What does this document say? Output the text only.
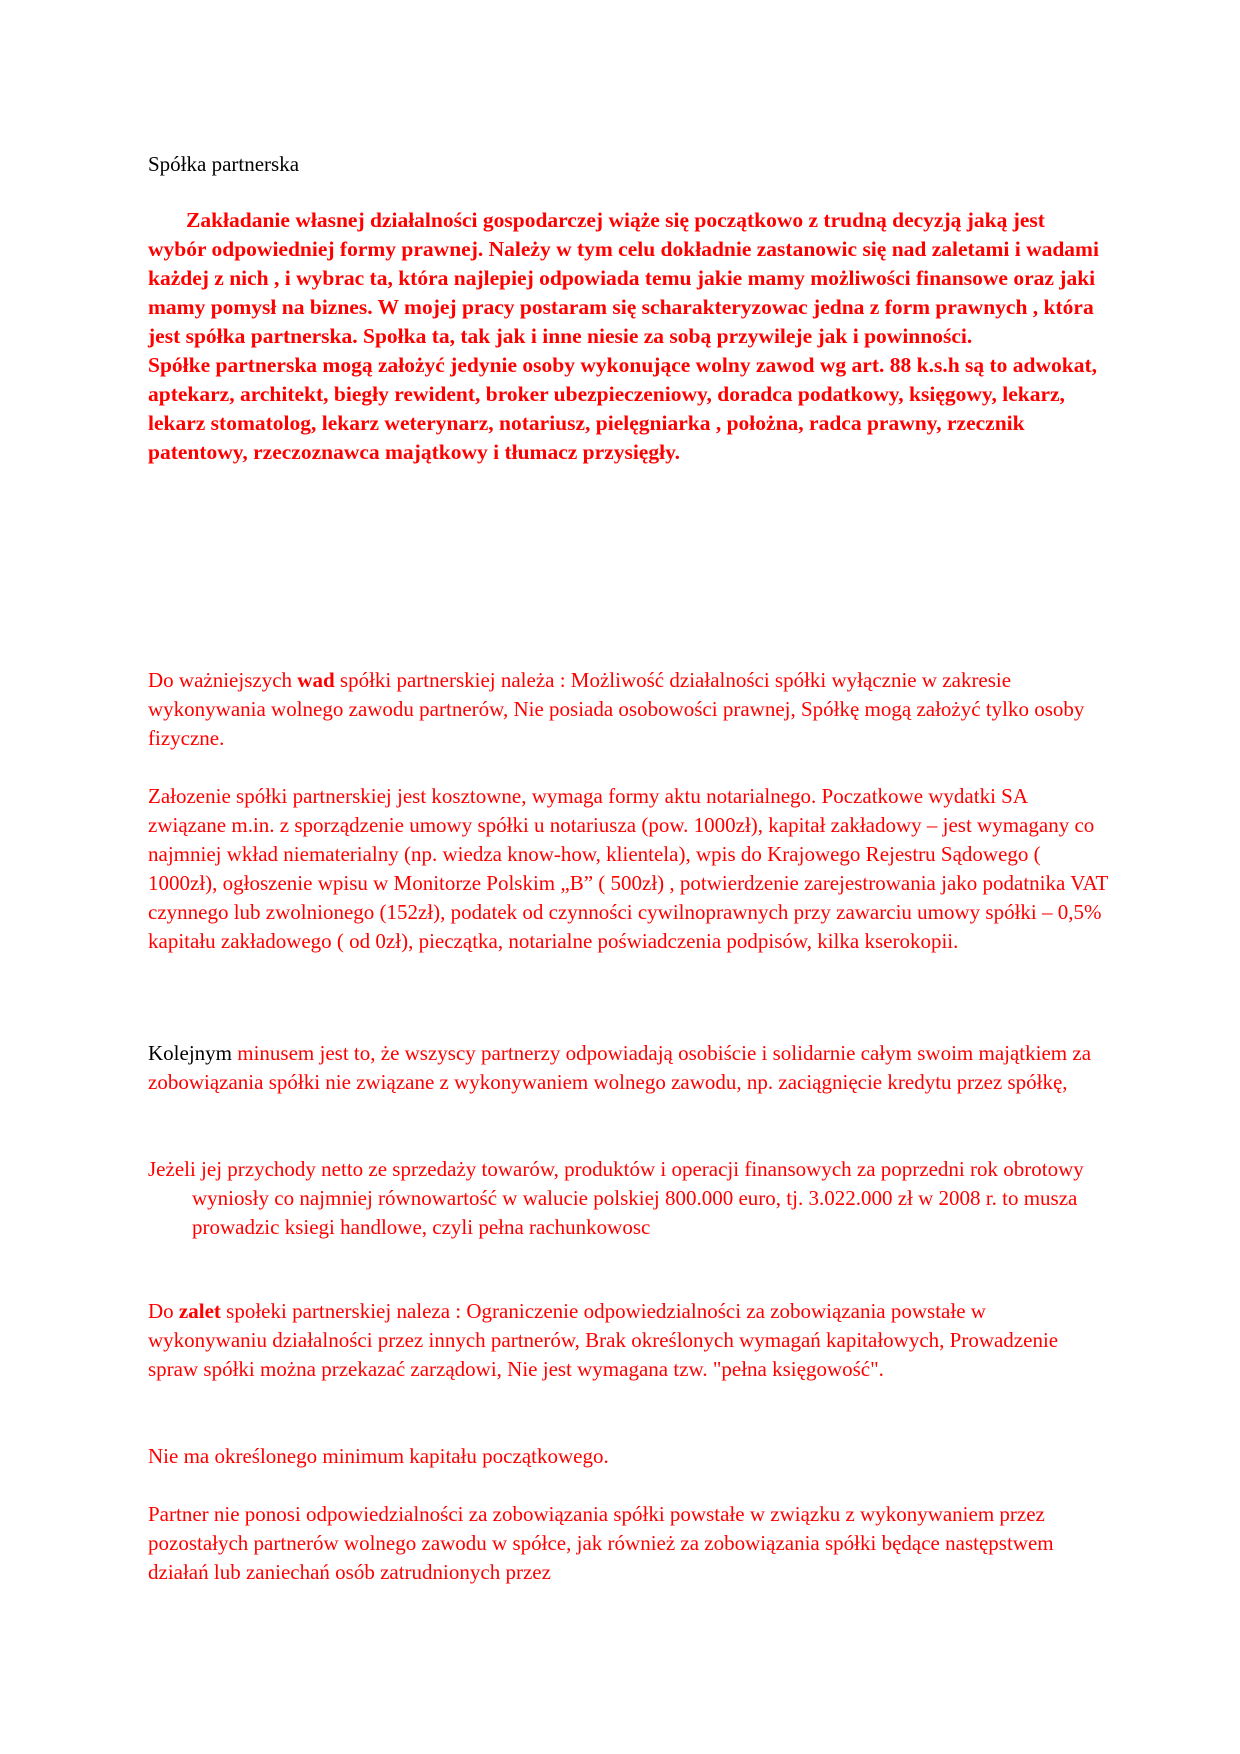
Spółka partnerska

Zakładanie własnej działalności gospodarczej wiąże się początkowo z trudną decyzją jaką jest wybór odpowiedniej formy prawnej. Należy w tym celu dokładnie zastanowic się nad zaletami i wadami każdej z nich , i wybrac ta, która najlepiej odpowiada temu jakie mamy możliwości finansowe oraz jaki mamy pomysł na biznes. W mojej pracy postaram się scharakteryzowac jedna z form prawnych , która jest spółka partnerska. Społka ta, tak jak i inne niesie za sobą przywileje jak i powinności.

Spółke partnerska mogą założyć jedynie osoby wykonujące wolny zawod wg art. 88 k.s.h są to adwokat, aptekarz, architekt, biegły rewident, broker ubezpieczeniowy, doradca podatkowy, księgowy, lekarz, lekarz stomatolog, lekarz weterynarz, notariusz, pielęgniarka , położna, radca prawny, rzecznik patentowy, rzeczoznawca majątkowy i tłumacz przysięgły.

Do ważniejszych wad spółki partnerskiej należa : Możliwość działalności spółki wyłącznie w zakresie wykonywania wolnego zawodu partnerów, Nie posiada osobowości prawnej, Spółkę mogą założyć tylko osoby fizyczne.

Załozenie spółki partnerskiej jest kosztowne, wymaga formy aktu notarialnego. Poczatkowe wydatki SA związane m.in. z sporządzenie umowy spółki u notariusza (pow. 1000zł), kapitał zakładowy – jest wymagany co najmniej wkład niematerialny (np. wiedza know-how, klientela), wpis do Krajowego Rejestru Sądowego ( 1000zł), ogłoszenie wpisu w Monitorze Polskim „B” ( 500zł) , potwierdzenie zarejestrowania jako podatnika VAT czynnego lub zwolnionego (152zł), podatek od czynności cywilnoprawnych przy zawarciu umowy spółki – 0,5% kapitału zakładowego ( od 0zł), pieczątka, notarialne poświadczenia podpisów, kilka kserokopii.

Kolejnym minusem jest to, że wszyscy partnerzy odpowiadają osobiście i solidarnie całym swoim majątkiem za zobowiązania spółki nie związane z wykonywaniem wolnego zawodu, np. zaciągnięcie kredytu przez spółkę,

Jeżeli jej przychody netto ze sprzedaży towarów, produktów i operacji finansowych za poprzedni rok obrotowy wyniosły co najmniej równowartość w walucie polskiej 800.000 euro, tj. 3.022.000 zł w 2008 r. to musza prowadzic ksiegi handlowe, czyli pełna rachunkowosc

Do zalet społeki partnerskiej naleza : Ograniczenie odpowiedzialności za zobowiązania powstałe w wykonywaniu działalności przez innych partnerów, Brak określonych wymagań kapitałowych, Prowadzenie spraw spółki można przekazać zarządowi, Nie jest wymagana tzw. "pełna księgowość".

Nie ma określonego minimum kapitału początkowego.

Partner nie ponosi odpowiedzialności za zobowiązania spółki powstałe w związku z wykonywaniem przez pozostałych partnerów wolnego zawodu w spółce, jak również za zobowiązania spółki będące następstwem działań lub zaniechań osób zatrudnionych przez
